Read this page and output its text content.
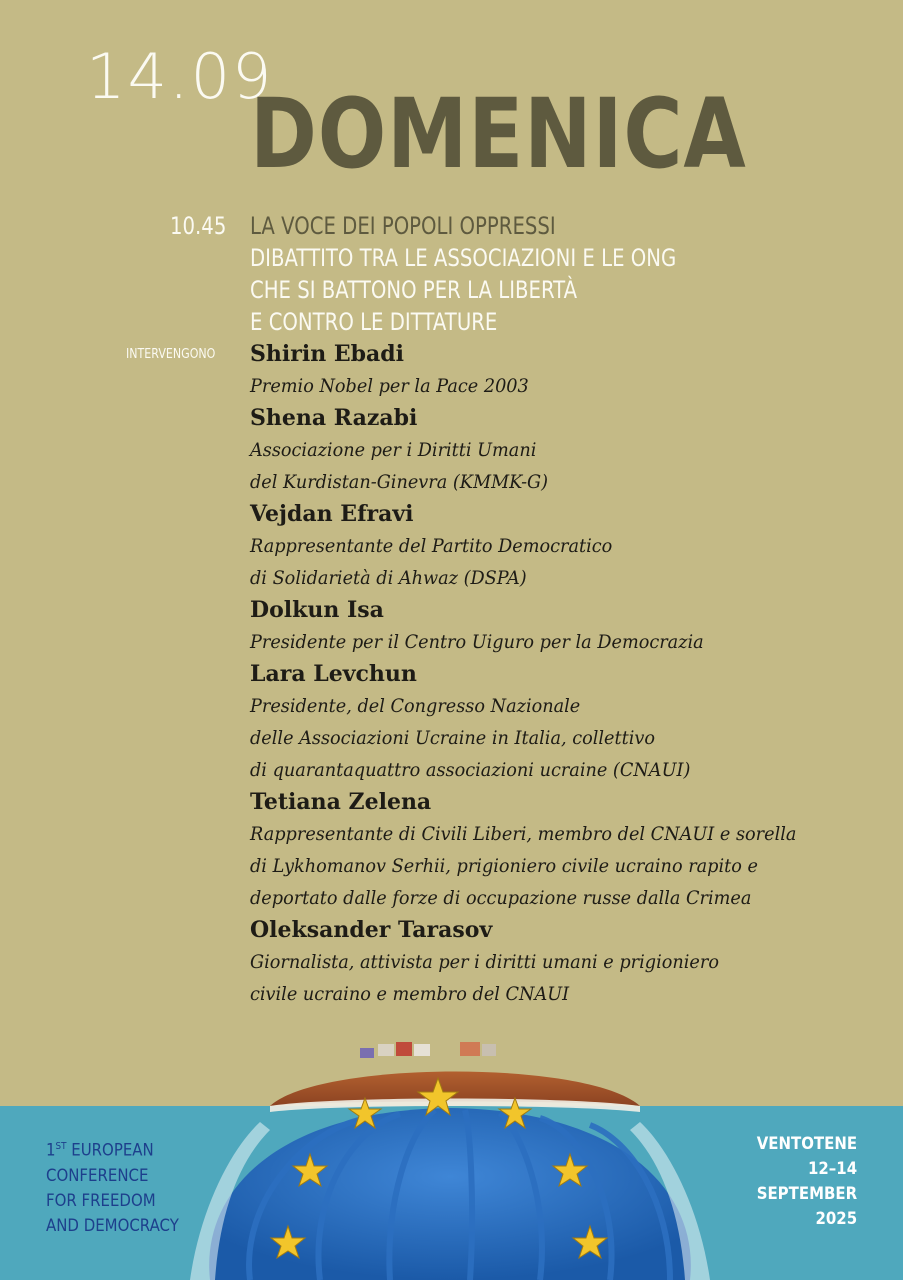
14.09
DOMENICA
10.45 LA VOCE DEI POPOLI OPPRESSI
DIBATTITO TRA LE ASSOCIAZIONI E LE ONG
CHE SI BATTONO PER LA LIBERTÀ
E CONTRO LE DITTATURE
INTERVENGONO Shirin Ebadi
Premio Nobel per la Pace 2003
Shena Razabi
Associazione per i Diritti Umani
del Kurdistan-Ginevra (KMMK-G)
Vejdan Efravi
Rappresentante del Partito Democratico
di Solidarietà di Ahwaz (DSPA)
Dolkun Isa
Presidente per il Centro Uiguro per la Democrazia
Lara Levchun
Presidente, del Congresso Nazionale
delle Associazioni Ucraine in Italia, collettivo
di quarantaquattro associazioni ucraine (CNAUI)
Tetiana Zelena
Rappresentante di Civili Liberi, membro del CNAUI e sorella
di Lykhomanov Serhii, prigioniero civile ucraino rapito e
deportato dalle forze di occupazione russe dalla Crimea
Oleksander Tarasov
Giornalista, attivista per i diritti umani e prigioniero
civile ucraino e membro del CNAUI
1ST EUROPEAN
CONFERENCE
FOR FREEDOM
AND DEMOCRACY
VENTOTENE
12–14
SEPTEMBER
2025
